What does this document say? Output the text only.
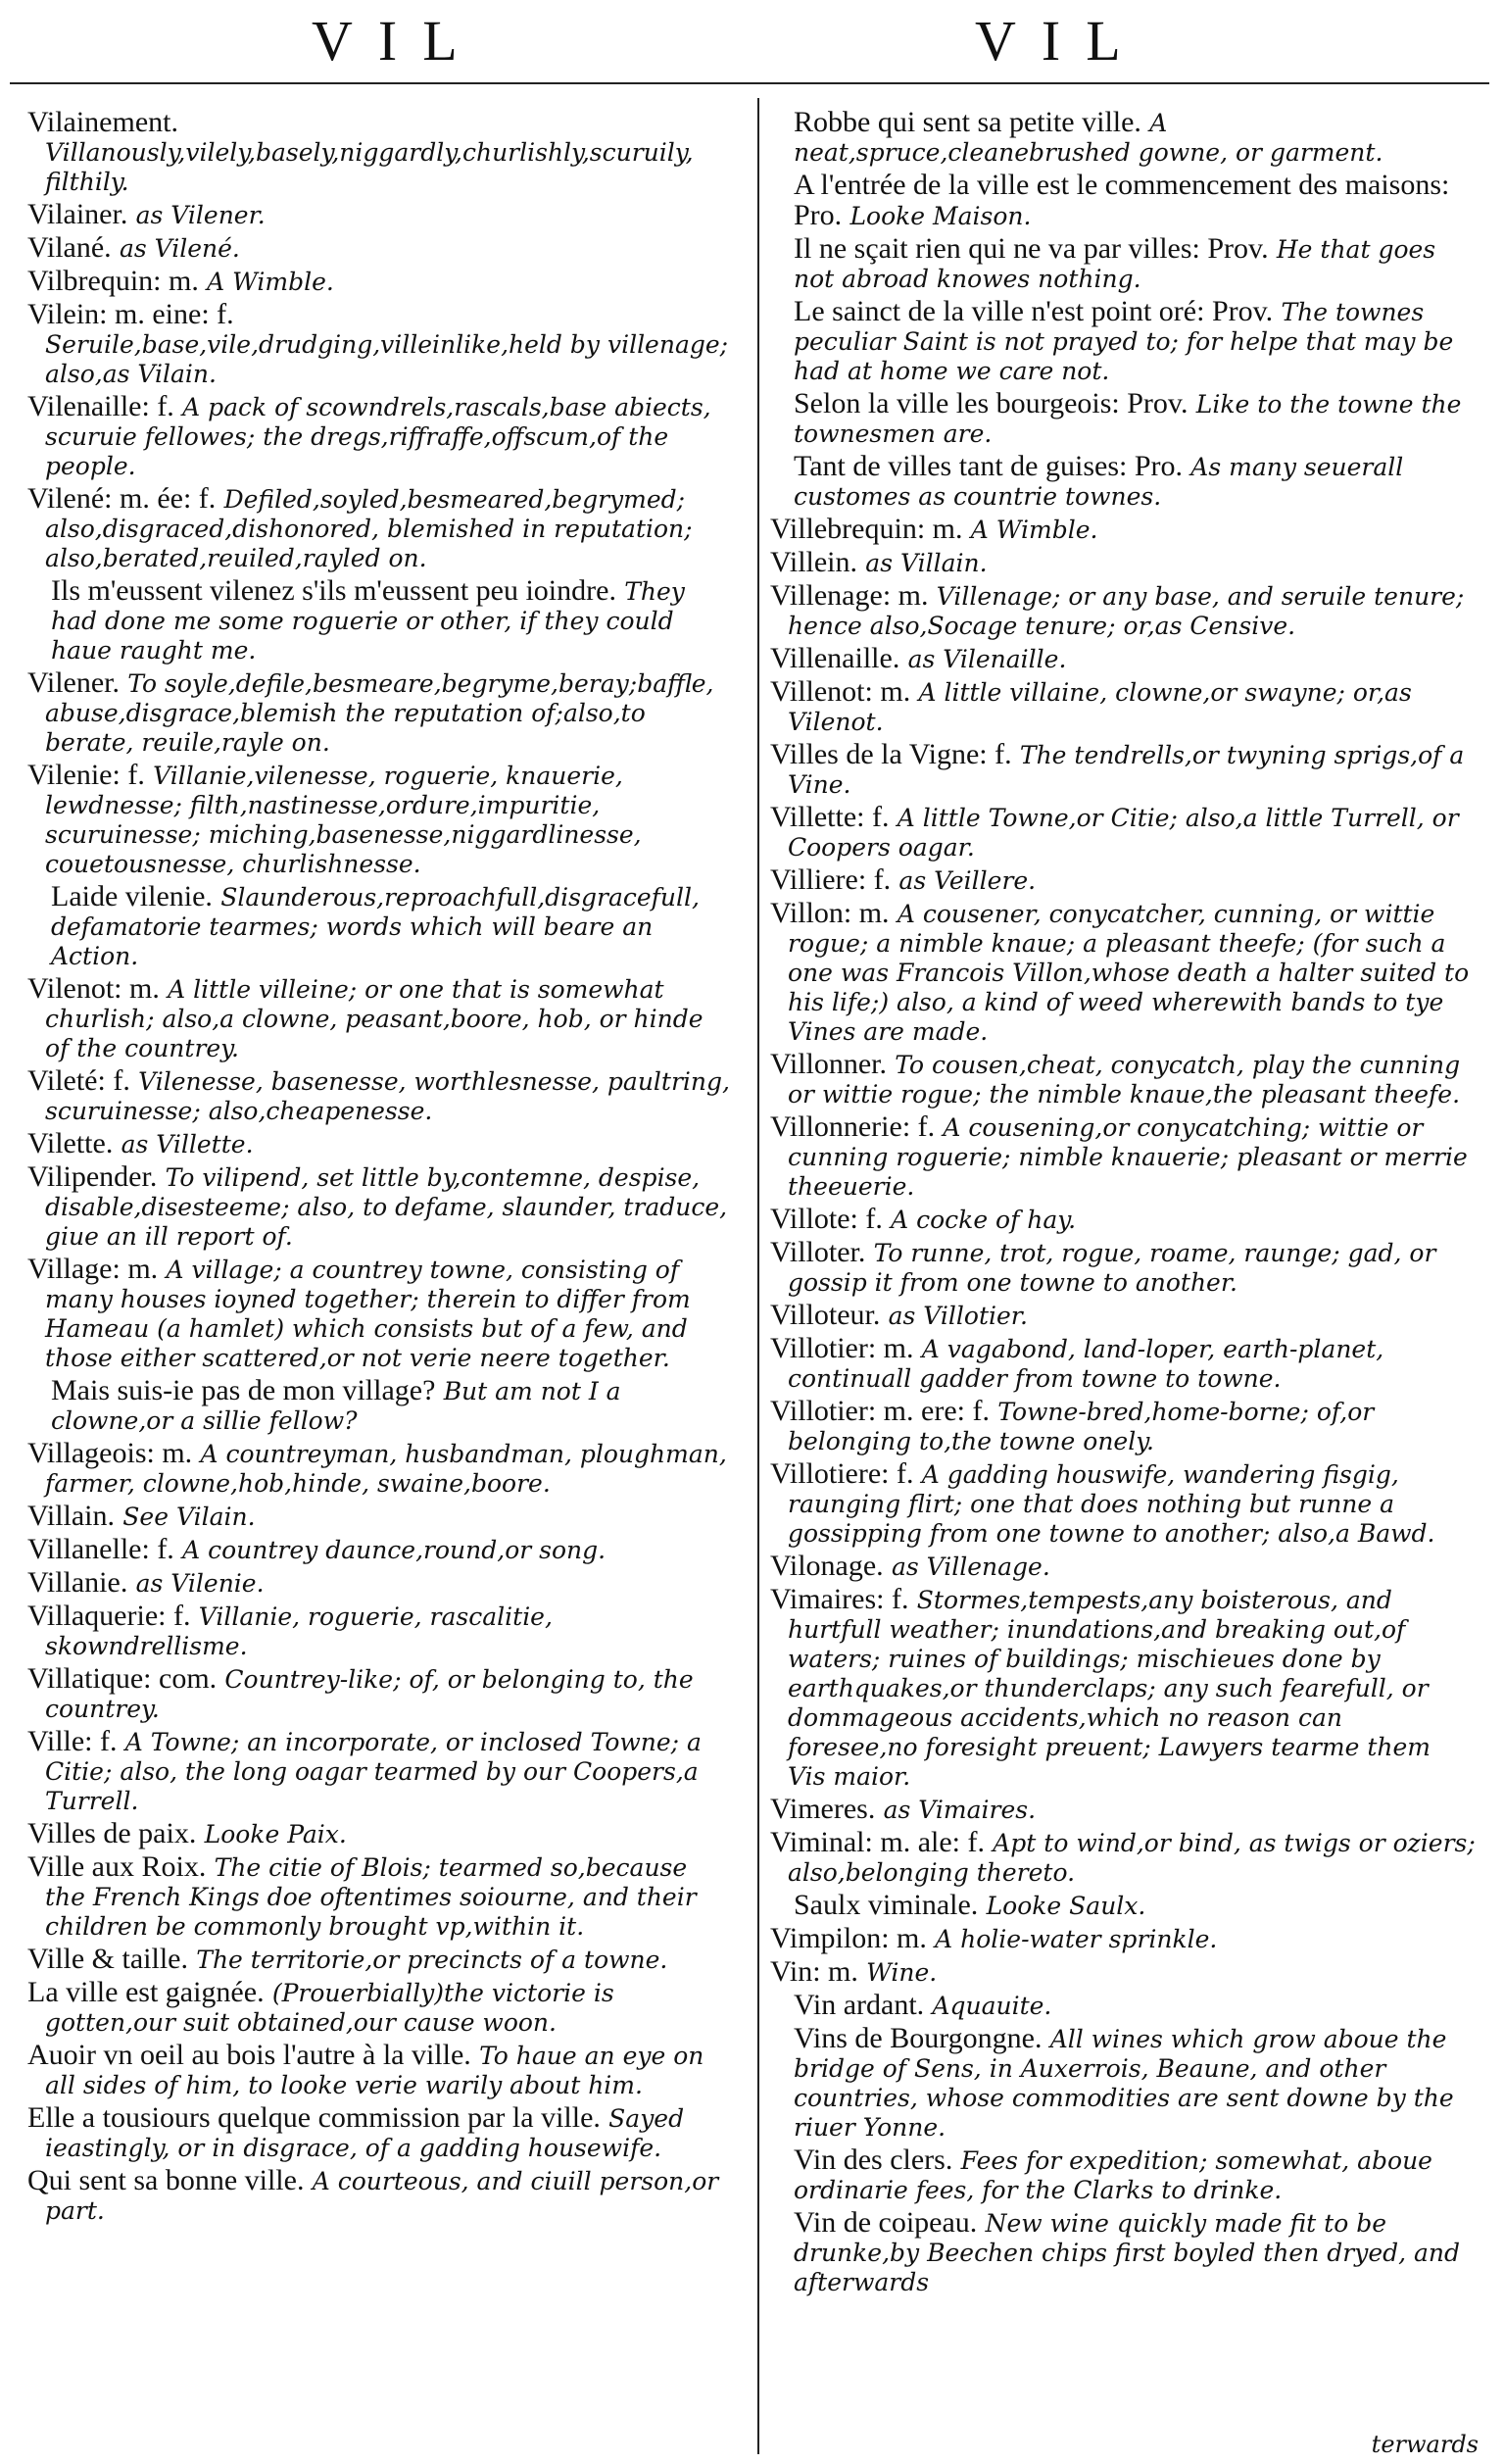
VIL	VIL
Vilainement. Villanously,vilely,basely,niggardly,churlishly,scuruily, filthily.
Vilainer. as Vilener.
Vilané. as Vilené.
Vilbrequin: m. A Wimble.
Vilein: m. eine: f. Seruile,base,vile,drudging,villeinlike,held by villenage; also,as Vilain.
Vilenaille: f. A pack of scowndrels,rascals,base abiects, scuruie fellowes; the dregs,riffraffe,offscum,of the people.
Vilené: m. ée: f. Defiled,soyled,besmeared,begrymed; also,disgraced,dishonored, blemished in reputation; also,berated,reuiled,rayled on.
Ils m'eussent vilenez s'ils m'eussent peu ioindre. They had done me some roguerie or other, if they could haue raught me.
Vilener. To soyle,defile,besmeare,begryme,beray;baffle, abuse,disgrace,blemish the reputation of;also,to berate, reuile,rayle on.
Vilenie: f. Villanie,vilenesse, roguerie, knauerie, lewdnesse; filth,nastinesse,ordure,impuritie, scuruinesse; miching,basenesse,niggardlinesse, couetousnesse, churlishnesse.
Laide vilenie. Slaunderous,reproachfull,disgracefull, defamatorie tearmes; words which will beare an Action.
Vilenot: m. A little villeine; or one that is somewhat churlish; also,a clowne, peasant,boore, hob, or hinde of the countrey.
Vileté: f. Vilenesse, basenesse, worthlesnesse, paultring, scuruinesse; also,cheapenesse.
Vilette. as Villette.
Vilipender. To vilipend, set little by,contemne, despise, disable,disesteeme; also, to defame, slaunder, traduce, giue an ill report of.
Village: m. A village; a countrey towne, consisting of many houses ioyned together; therein to differ from Hameau (a hamlet) which consists but of a few, and those either scattered,or not verie neere together.
Mais suis-ie pas de mon village? But am not I a clowne,or a sillie fellow?
Villageois: m. A countreyman, husbandman, ploughman, farmer, clowne,hob,hinde, swaine,boore.
Villain. See Vilain.
Villanelle: f. A countrey daunce,round,or song.
Villanie. as Vilenie.
Villaquerie: f. Villanie, roguerie, rascalitie, skowndrellisme.
Villatique: com. Countrey-like; of, or belonging to, the countrey.
Ville: f. A Towne; an incorporate, or inclosed Towne; a Citie; also, the long oagar tearmed by our Coopers,a Turrell.
Villes de paix. Looke Paix.
Ville aux Roix. The citie of Blois; tearmed so,because the French Kings doe oftentimes soiourne, and their children be commonly brought vp,within it.
Ville & taille. The territorie,or precincts of a towne.
La ville est gaignée. (Prouerbially)the victorie is gotten,our suit obtained,our cause woon.
Auoir vn oeil au bois l'autre à la ville. To haue an eye on all sides of him, to looke verie warily about him.
Elle a tousiours quelque commission par la ville. Sayed ieastingly, or in disgrace, of a gadding housewife.
Qui sent sa bonne ville. A courteous, and ciuill person,or part.
Robbe qui sent sa petite ville. A neat,spruce,cleanebrushed gowne, or garment.
A l'entrée de la ville est le commencement des maisons: Pro. Looke Maison.
Il ne sçait rien qui ne va par villes: Prov. He that goes not abroad knowes nothing.
Le sainct de la ville n'est point oré: Prov. The townes peculiar Saint is not prayed to; for helpe that may be had at home we care not.
Selon la ville les bourgeois: Prov. Like to the towne the townesmen are.
Tant de villes tant de guises: Pro. As many seuerall customes as countrie townes.
Villebrequin: m. A Wimble.
Villein. as Villain.
Villenage: m. Villenage; or any base, and seruile tenure; hence also,Socage tenure; or,as Censive.
Villenaille. as Vilenaille.
Villenot: m. A little villaine, clowne,or swayne; or,as Vilenot.
Villes de la Vigne: f. The tendrells,or twyning sprigs,of a Vine.
Villette: f. A little Towne,or Citie; also,a little Turrell, or Coopers oagar.
Villiere: f. as Veillere.
Villon: m. A cousener, conycatcher, cunning, or wittie rogue; a nimble knaue; a pleasant theefe; (for such a one was Francois Villon,whose death a halter suited to his life;) also, a kind of weed wherewith bands to tye Vines are made.
Villonner. To cousen,cheat, conycatch, play the cunning or wittie rogue; the nimble knaue,the pleasant theefe.
Villonnerie: f. A cousening,or conycatching; wittie or cunning roguerie; nimble knauerie; pleasant or merrie theeuerie.
Villote: f. A cocke of hay.
Villoter. To runne, trot, rogue, roame, raunge; gad, or gossip it from one towne to another.
Villoteur. as Villotier.
Villotier: m. A vagabond, land-loper, earth-planet, continuall gadder from towne to towne.
Villotier: m. ere: f. Towne-bred,home-borne; of,or belonging to,the towne onely.
Villotiere: f. A gadding houswife, wandering fisgig, raunging flirt; one that does nothing but runne a gossipping from one towne to another; also,a Bawd.
Vilonage. as Villenage.
Vimaires: f. Stormes,tempests,any boisterous, and hurtfull weather; inundations,and breaking out,of waters; ruines of buildings; mischieues done by earthquakes,or thunderclaps; any such fearefull, or dommageous accidents,which no reason can foresee,no foresight preuent; Lawyers tearme them Vis maior.
Vimeres. as Vimaires.
Viminal: m. ale: f. Apt to wind,or bind, as twigs or oziers; also,belonging thereto.
Saulx viminale. Looke Saulx.
Vimpilon: m. A holie-water sprinkle.
Vin: m. Wine.
Vin ardant. Aquauite.
Vins de Bourgongne. All wines which grow aboue the bridge of Sens, in Auxerrois, Beaune, and other countries, whose commodities are sent downe by the riuer Yonne.
Vin des clers. Fees for expedition; somewhat, aboue ordinarie fees, for the Clarks to drinke.
Vin de coipeau. New wine quickly made fit to be drunke,by Beechen chips first boyled then dryed, and afterwards
terwards
